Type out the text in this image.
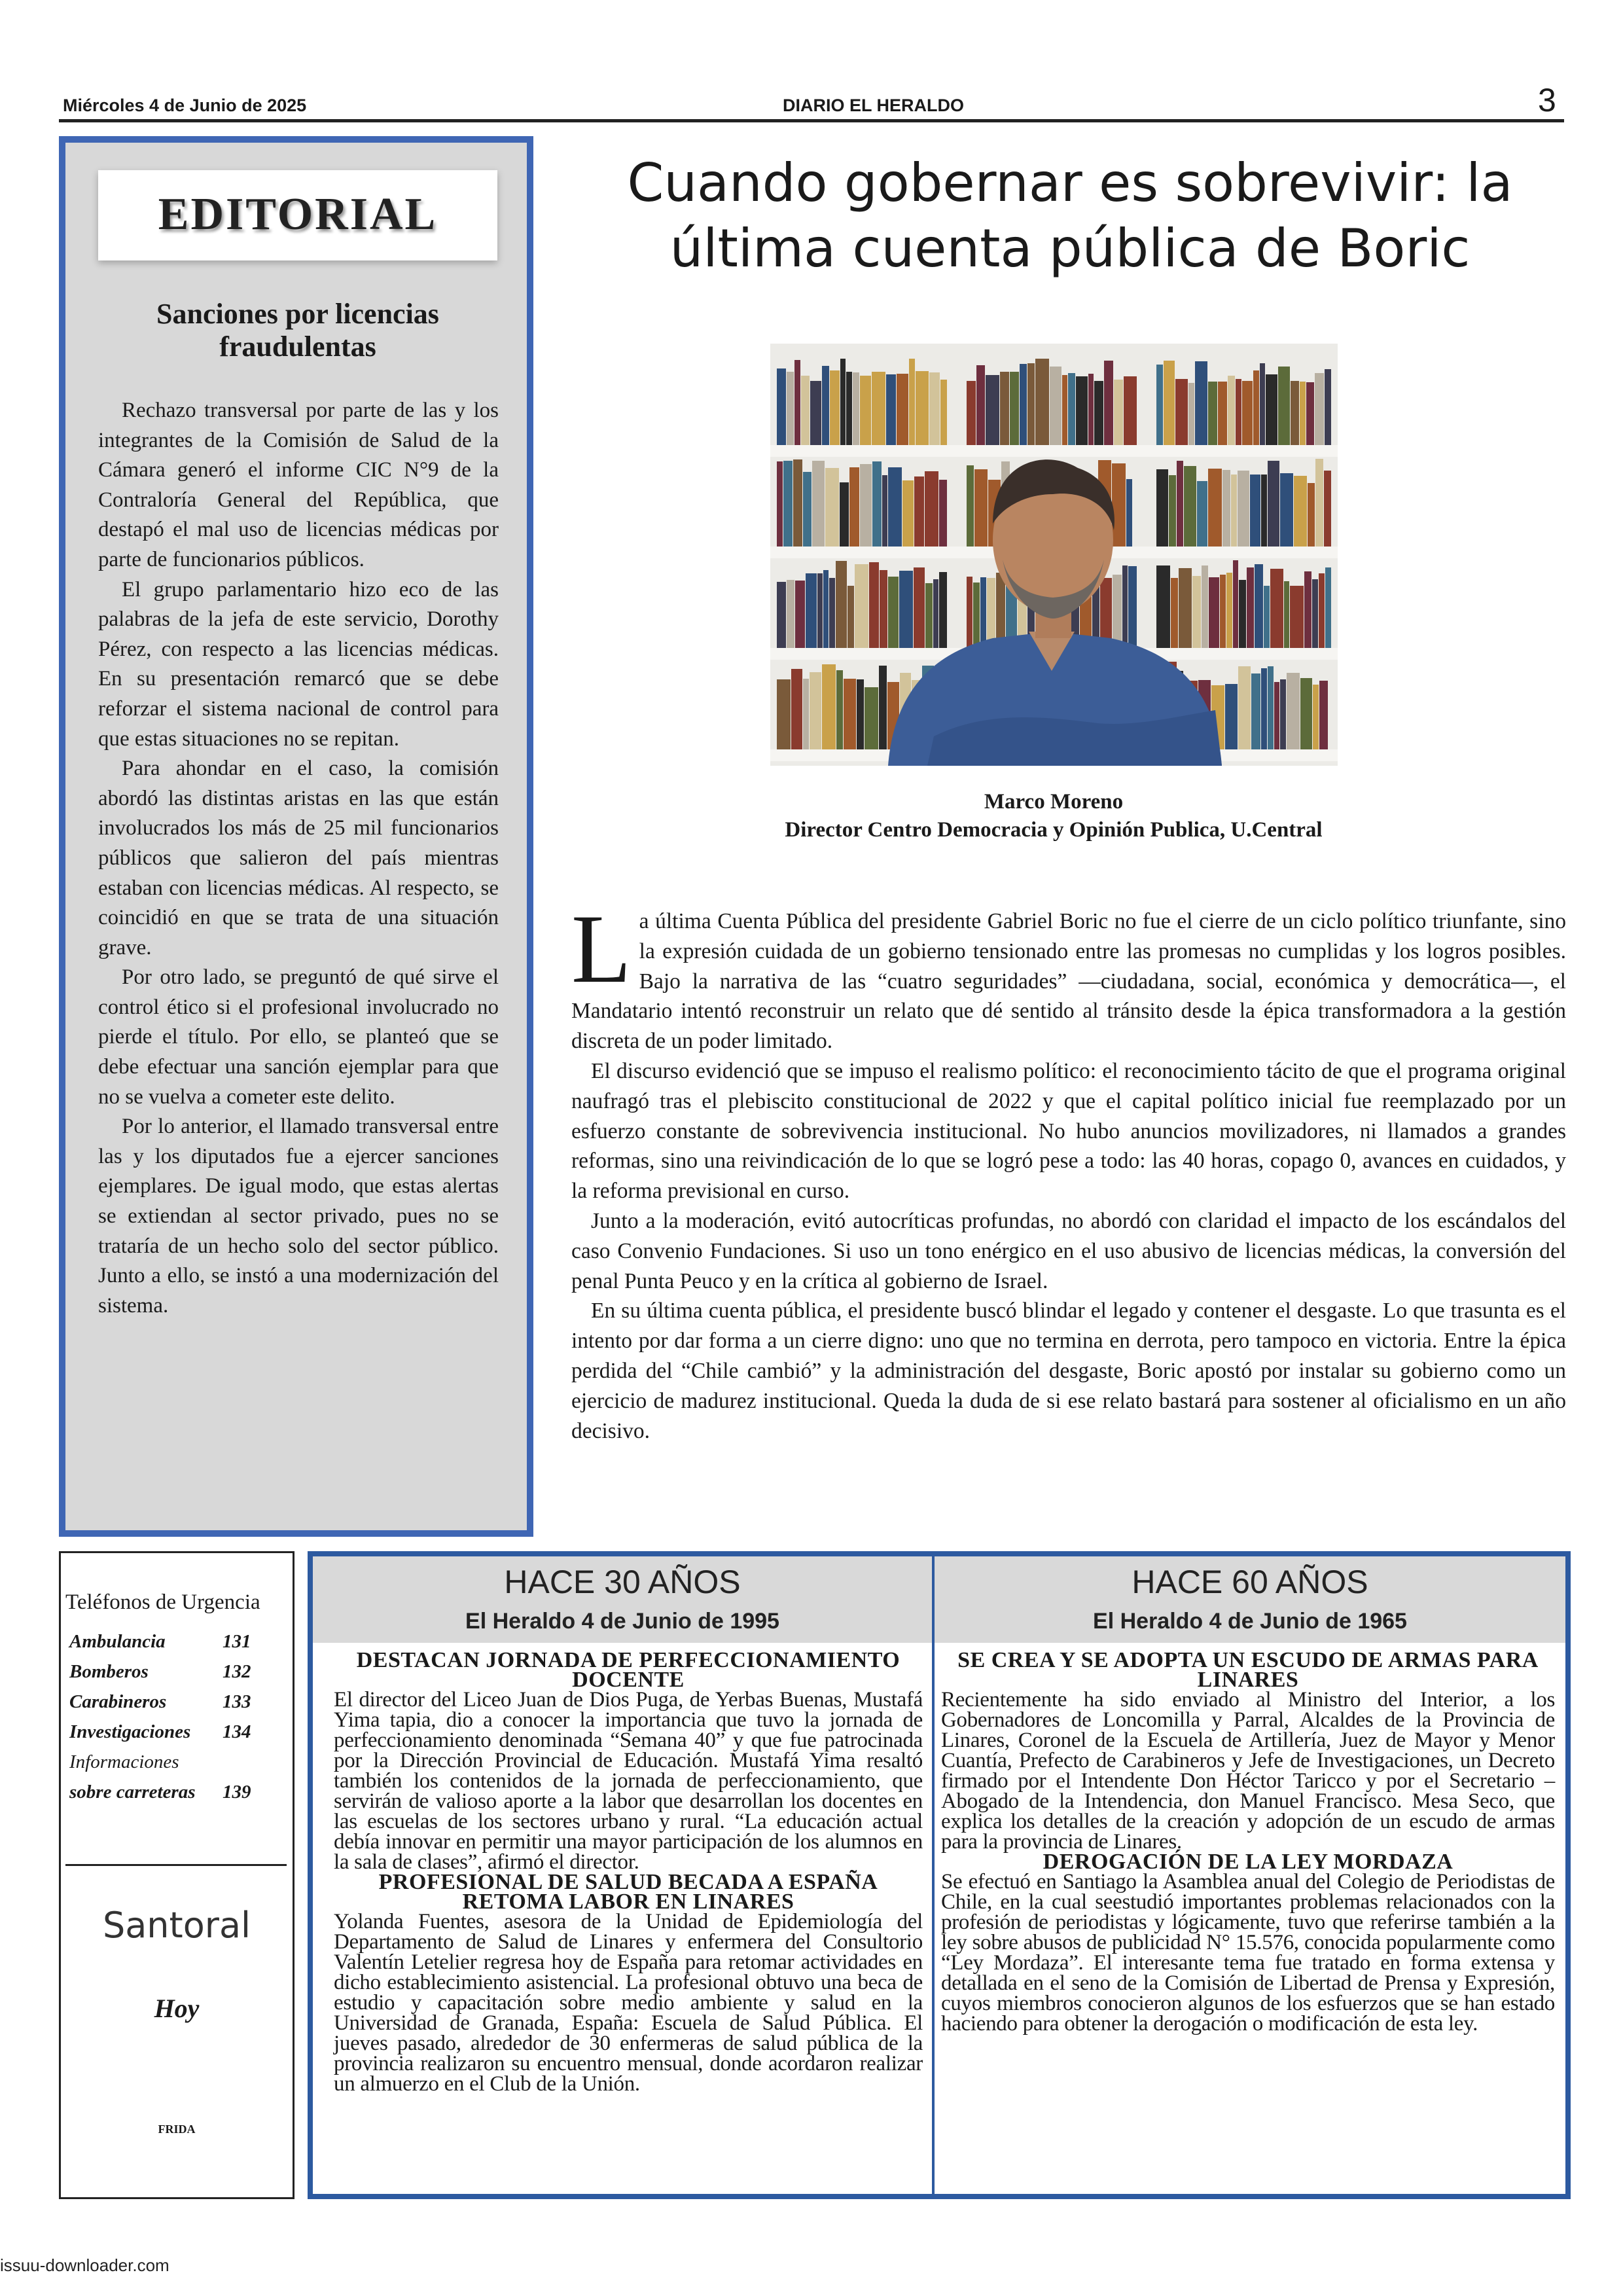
Miércoles 4 de Junio de 2025	DIARIO EL HERALDO	3
EDITORIAL
Sanciones por licencias fraudulentas

Rechazo transversal por parte de las y los integrantes de la Comisión de Salud de la Cámara generó el informe CIC N°9 de la Contraloría General del República, que destapó el mal uso de licencias médicas por parte de funcionarios públicos.

El grupo parlamentario hizo eco de las palabras de la jefa de este servicio, Dorothy Pérez, con respecto a las licencias médicas. En su presentación remarcó que se debe reforzar el sistema nacional de control para que estas situaciones no se repitan.

Para ahondar en el caso, la comisión abordó las distintas aristas en las que están involucrados los más de 25 mil funcionarios públicos que salieron del país mientras estaban con licencias médicas. Al respecto, se coincidió en que se trata de una situación grave.

Por otro lado, se preguntó de qué sirve el control ético si el profesional involucrado no pierde el título. Por ello, se planteó que se debe efectuar una sanción ejemplar para que no se vuelva a cometer este delito.

Por lo anterior, el llamado transversal entre las y los diputados fue a ejercer sanciones ejemplares. De igual modo, que estas alertas se extiendan al sector privado, pues no se trataría de un hecho solo del sector público. Junto a ello, se instó a una modernización del sistema.

Cuando gobernar es sobrevivir: la última cuenta pública de Boric
Marco Moreno
Director Centro Democracia y Opinión Publica, U.Central

La última Cuenta Pública del presidente Gabriel Boric no fue el cierre de un ciclo político triunfante, sino la expresión cuidada de un gobierno tensionado entre las promesas no cumplidas y los logros posibles. Bajo la narrativa de las “cuatro seguridades” —ciudadana, social, económica y democrática—, el Mandatario intentó reconstruir un relato que dé sentido al tránsito desde la épica transformadora a la gestión discreta de un poder limitado.

El discurso evidenció que se impuso el realismo político: el reconocimiento tácito de que el programa original naufragó tras el plebiscito constitucional de 2022 y que el capital político inicial fue reemplazado por un esfuerzo constante de sobrevivencia institucional. No hubo anuncios movilizadores, ni llamados a grandes reformas, sino una reivindicación de lo que se logró pese a todo: las 40 horas, copago 0, avances en cuidados, y la reforma previsional en curso.

Junto a la moderación, evitó autocríticas profundas, no abordó con claridad el impacto de los escándalos del caso Convenio Fundaciones. Si uso un tono enérgico en el uso abusivo de licencias médicas, la conversión del penal Punta Peuco y en la crítica al gobierno de Israel.

En su última cuenta pública, el presidente buscó blindar el legado y contener el desgaste. Lo que trasunta es el intento por dar forma a un cierre digno: uno que no termina en derrota, pero tampoco en victoria. Entre la épica perdida del “Chile cambió” y la administración del desgaste, Boric apostó por instalar su gobierno como un ejercicio de madurez institucional. Queda la duda de si ese relato bastará para sostener al oficialismo en un año decisivo.

Teléfonos de Urgencia
Ambulancia	131
Bomberos	132
Carabineros	133
Investigaciones 134
Informaciones
sobre carreteras 139
Santoral
Hoy
FRIDA
HACE 30 AÑOS
El Heraldo 4 de Junio de 1995
HACE 60 AÑOS
El Heraldo 4 de Junio de 1965
DESTACAN JORNADA DE PERFECCIONAMIENTO DOCENTE

El director del Liceo Juan de Dios Puga, de Yerbas Buenas, Mustafá Yima tapia, dio a conocer la importancia que tuvo la jornada de perfeccionamiento denominada “Semana 40” y que fue patrocinada por la Dirección Provincial de Educación. Mustafá Yima resaltó también los contenidos de la jornada de perfeccionamiento, que servirán de valioso aporte a la labor que desarrollan los docentes en las escuelas de los sectores urbano y rural. “La educación actual debía innovar en permitir una mayor participación de los alumnos en la sala de clases”, afirmó el director.

PROFESIONAL DE SALUD BECADA A ESPAÑA RETOMA LABOR EN LINARES

Yolanda Fuentes, asesora de la Unidad de Epidemiología del Departamento de Salud de Linares y enfermera del Consultorio Valentín Letelier regresa hoy de España para retomar actividades en dicho establecimiento asistencial. La profesional obtuvo una beca de estudio y capacitación sobre medio ambiente y salud en la Universidad de Granada, España: Escuela de Salud Pública. El jueves pasado, alrededor de 30 enfermeras de salud pública de la provincia realizaron su encuentro mensual, donde acordaron realizar un almuerzo en el Club de la Unión.

SE CREA Y SE ADOPTA UN ESCUDO DE ARMAS PARA LINARES

Recientemente ha sido enviado al Ministro del Interior, a los Gobernadores de Loncomilla y Parral, Alcaldes de la Provincia de Linares, Coronel de la Escuela de Artillería, Juez de Mayor y Menor Cuantía, Prefecto de Carabineros y Jefe de Investigaciones, un Decreto firmado por el Intendente Don Héctor Taricco y por el Secretario –Abogado de la Intendencia, don Manuel Francisco. Mesa Seco, que explica los detalles de la creación y adopción de un escudo de armas para la provincia de Linares.

DEROGACIÓN DE LA LEY MORDAZA

Se efectuó en Santiago la Asamblea anual del Colegio de Periodistas de Chile, en la cual seestudió importantes problemas relacionados con la profesión de periodistas y lógicamente, tuvo que referirse también a la ley sobre abusos de publicidad N° 15.576, conocida popularmente como “Ley Mordaza”. El interesante tema fue tratado en forma extensa y detallada en el seno de la Comisión de Libertad de Prensa y Expresión, cuyos miembros conocieron algunos de los esfuerzos que se han estado haciendo para obtener la derogación o modificación de esta ley.

issuu-downloader.com
